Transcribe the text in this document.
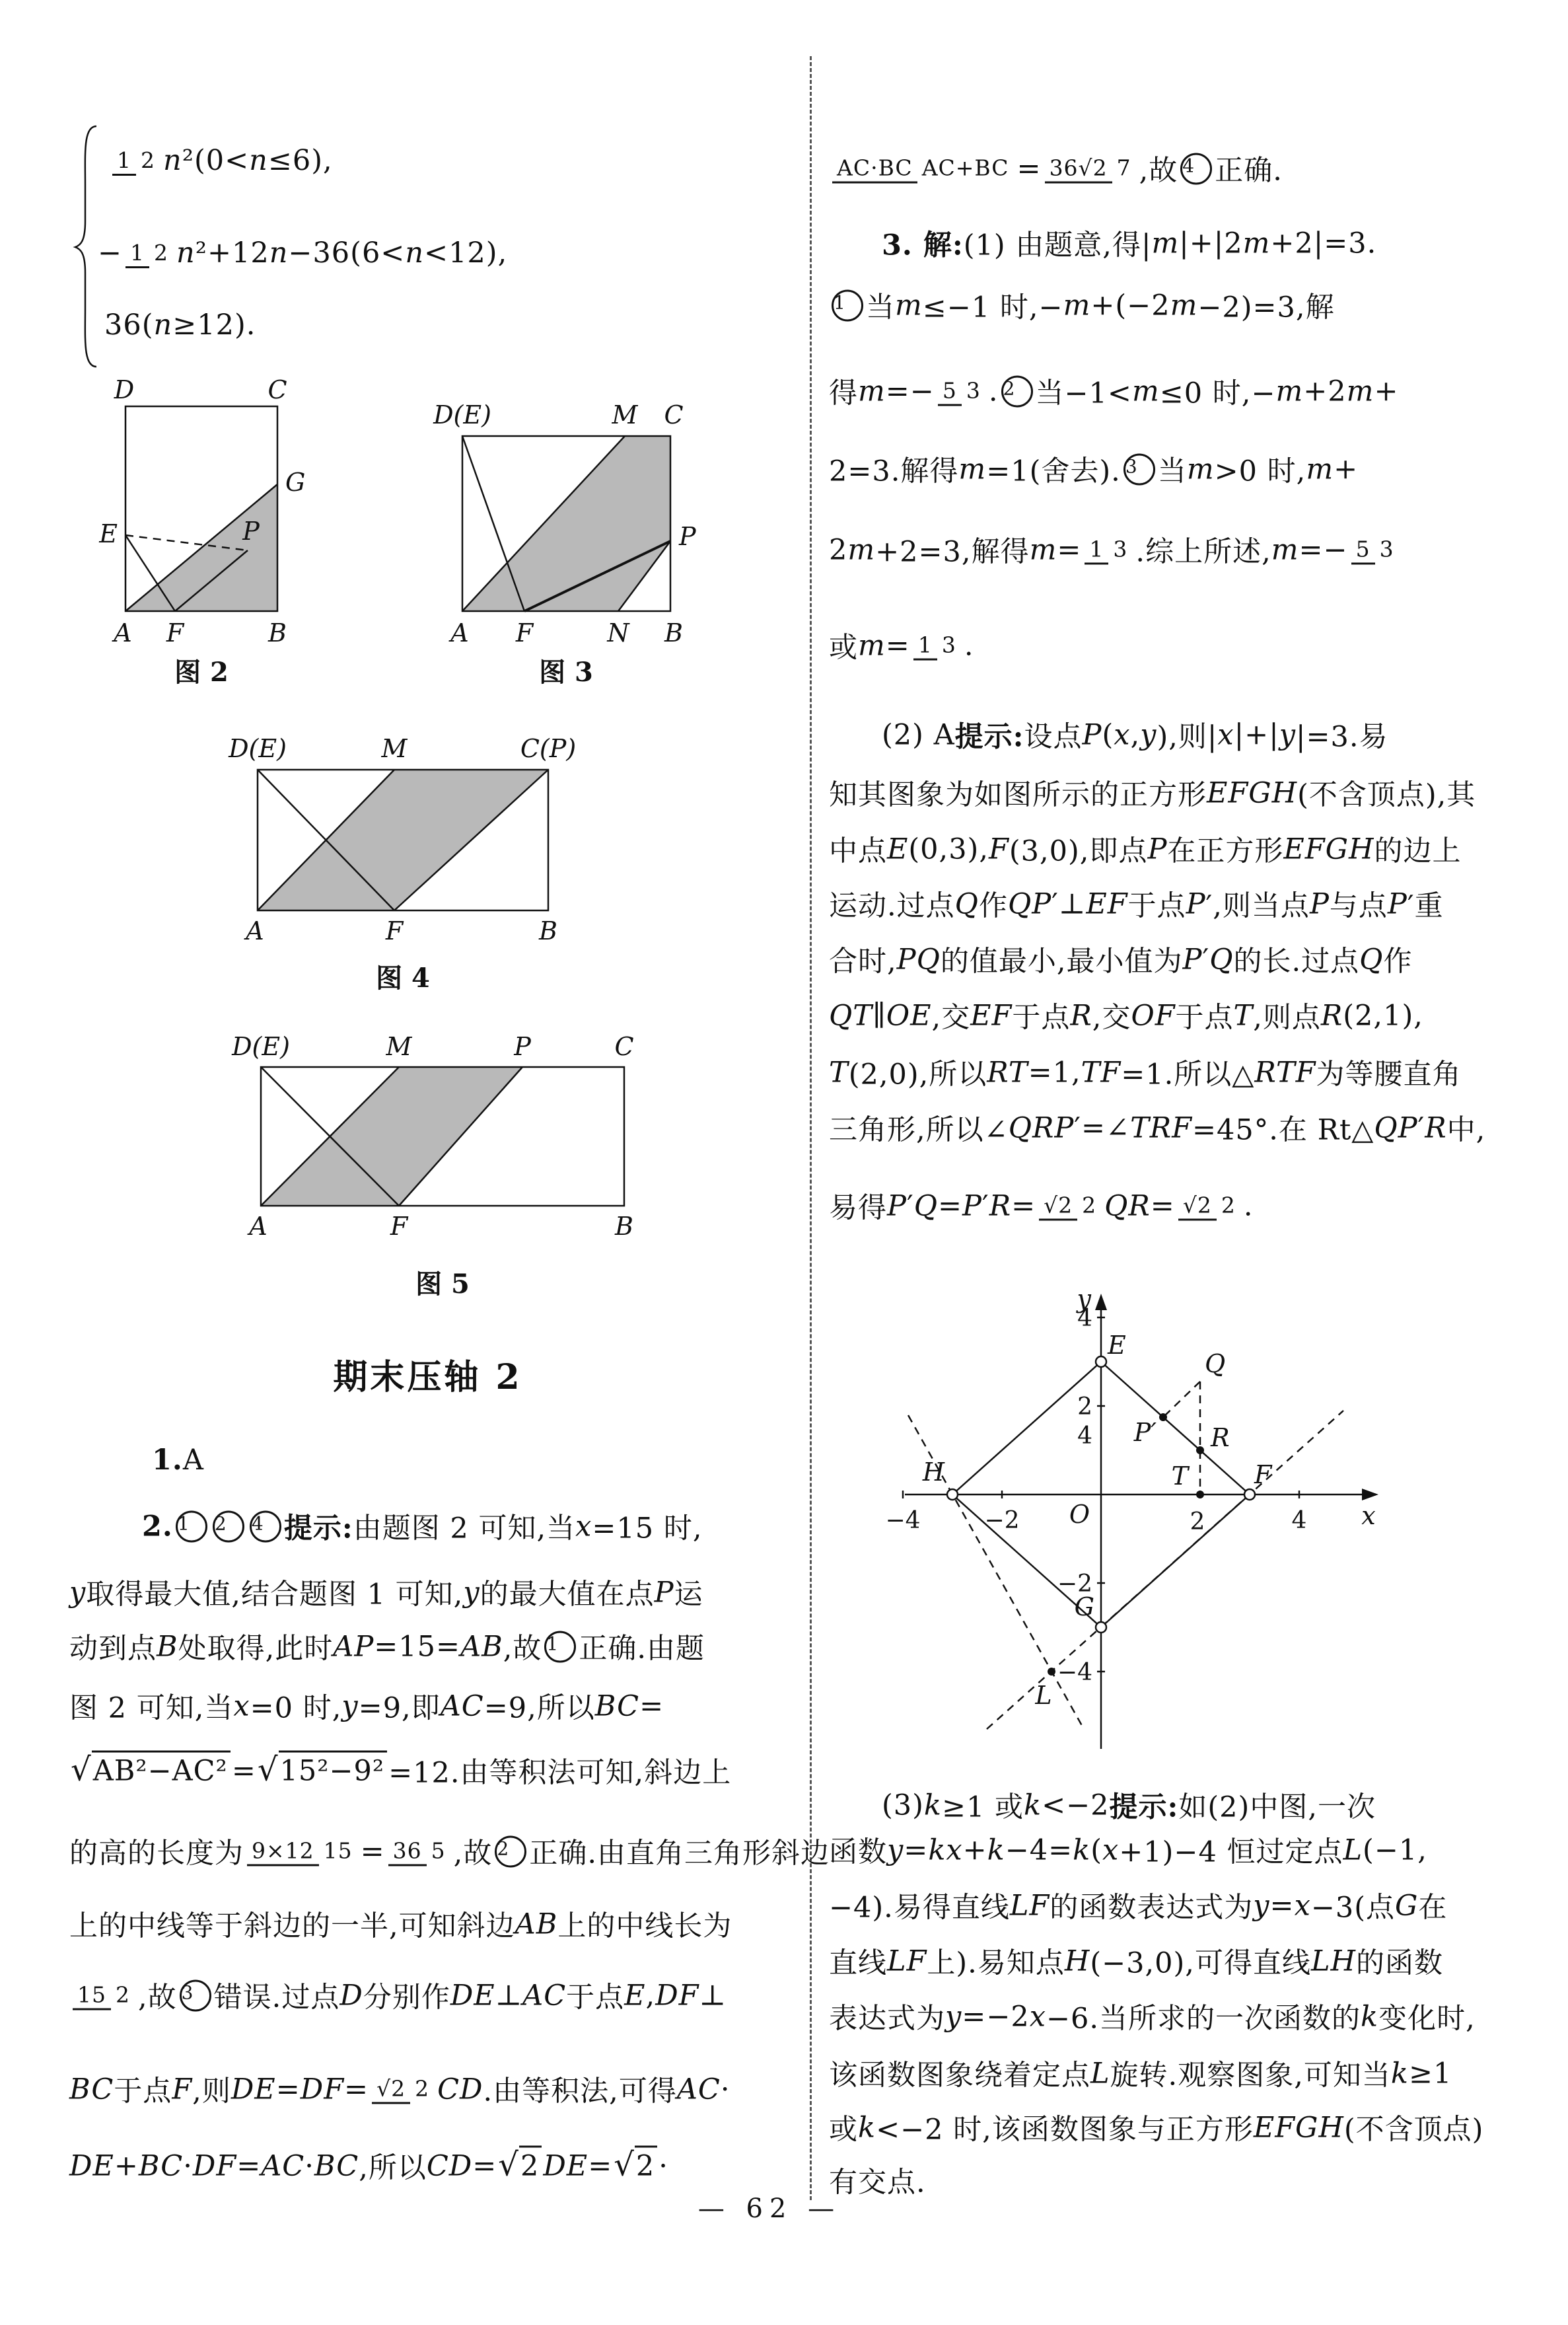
D	C
G
E	P
A F	B
图 2
D(E)	M C
P
A F	N B
图 3
D(E)	M	C(P)
A	F	B
图 4
D(E)	M	P	C
A	F	B
图 5
期末压轴 2
y
x
O
−4	−2	2	4
4
2
4
−2
−4
E
F
G
H
L
Q
R
T
P′
— 62 —
1 2 n ²(0< n ≤6),
− 1 2 n ²+12 n −36(6< n <12),
36( n ≥12).
1. A
2. 1	2	4 提示: 由题图 2 可知,当 x =15 时,
y 取得最大值,结合题图 1 可知, y 的最大值在点 P 运
动到点 B 处取得,此时 AP =15= AB ,故 1 正确.由题
图 2 可知,当 x =0 时, y =9,即 AC =9,所以 BC =
√AB²−AC² = √15²−9² =12.由等积法可知,斜边上
的高的长度为 9×12 15 = 36 5 ,故 2 正确.由直角三角形斜边
上的中线等于斜边的一半,可知斜边 AB 上的中线长为
15 2 ,故 3 错误.过点 D 分别作 DE ⊥ AC 于点 E , DF ⊥
BC 于点 F ,则 DE = DF = √2 2 CD .由等积法,可得 AC ·
DE + BC · DF = AC · BC ,所以 CD = √2 DE = √2 ·
AC·BC AC+BC = 36√2 7 ,故 4 正确.
3. 解: (1) 由题意,得| m |+|2 m +2|=3.
1 当 m ≤−1 时,− m +(−2 m −2)=3,解
得 m =− 5 3 . 2 当−1< m ≤0 时,− m +2 m +
2=3.解得 m =1(舍去). 3 当 m >0 时, m +
2 m +2=3,解得 m = 1 3 .综上所述, m =− 5 3
或 m = 1 3 .
(2) A 提示: 设点 P ( x , y ),则| x |+| y |=3.易
知其图象为如图所示的正方形 EFGH (不含顶点),其
中点 E (0,3), F (3,0),即点 P 在正方形 EFGH 的边上
运动.过点 Q 作 QP ′⊥ EF 于点 P ′,则当点 P 与点 P ′重
合时, PQ 的值最小,最小值为 P ′ Q 的长.过点 Q 作
QT ∥ OE ,交 EF 于点 R ,交 OF 于点 T ,则点 R (2,1),
T (2,0),所以 RT =1, TF =1.所以△ RTF 为等腰直角
三角形,所以∠ QRP ′=∠ TRF =45°.在 Rt△ QP ′ R 中,
易得 P ′ Q = P ′ R = √2 2 QR = √2 2 .
(3) k ≥1 或 k <−2 提示: 如(2)中图,一次
函数 y = kx + k −4= k ( x +1)−4 恒过定点 L (−1,
−4).易得直线 LF 的函数表达式为 y = x −3(点 G 在
直线 LF 上).易知点 H (−3,0),可得直线 LH 的函数
表达式为 y =−2 x −6.当所求的一次函数的 k 变化时,
该函数图象绕着定点 L 旋转.观察图象,可知当 k ≥1
或 k <−2 时,该函数图象与正方形 EFGH (不含顶点)
有交点.
